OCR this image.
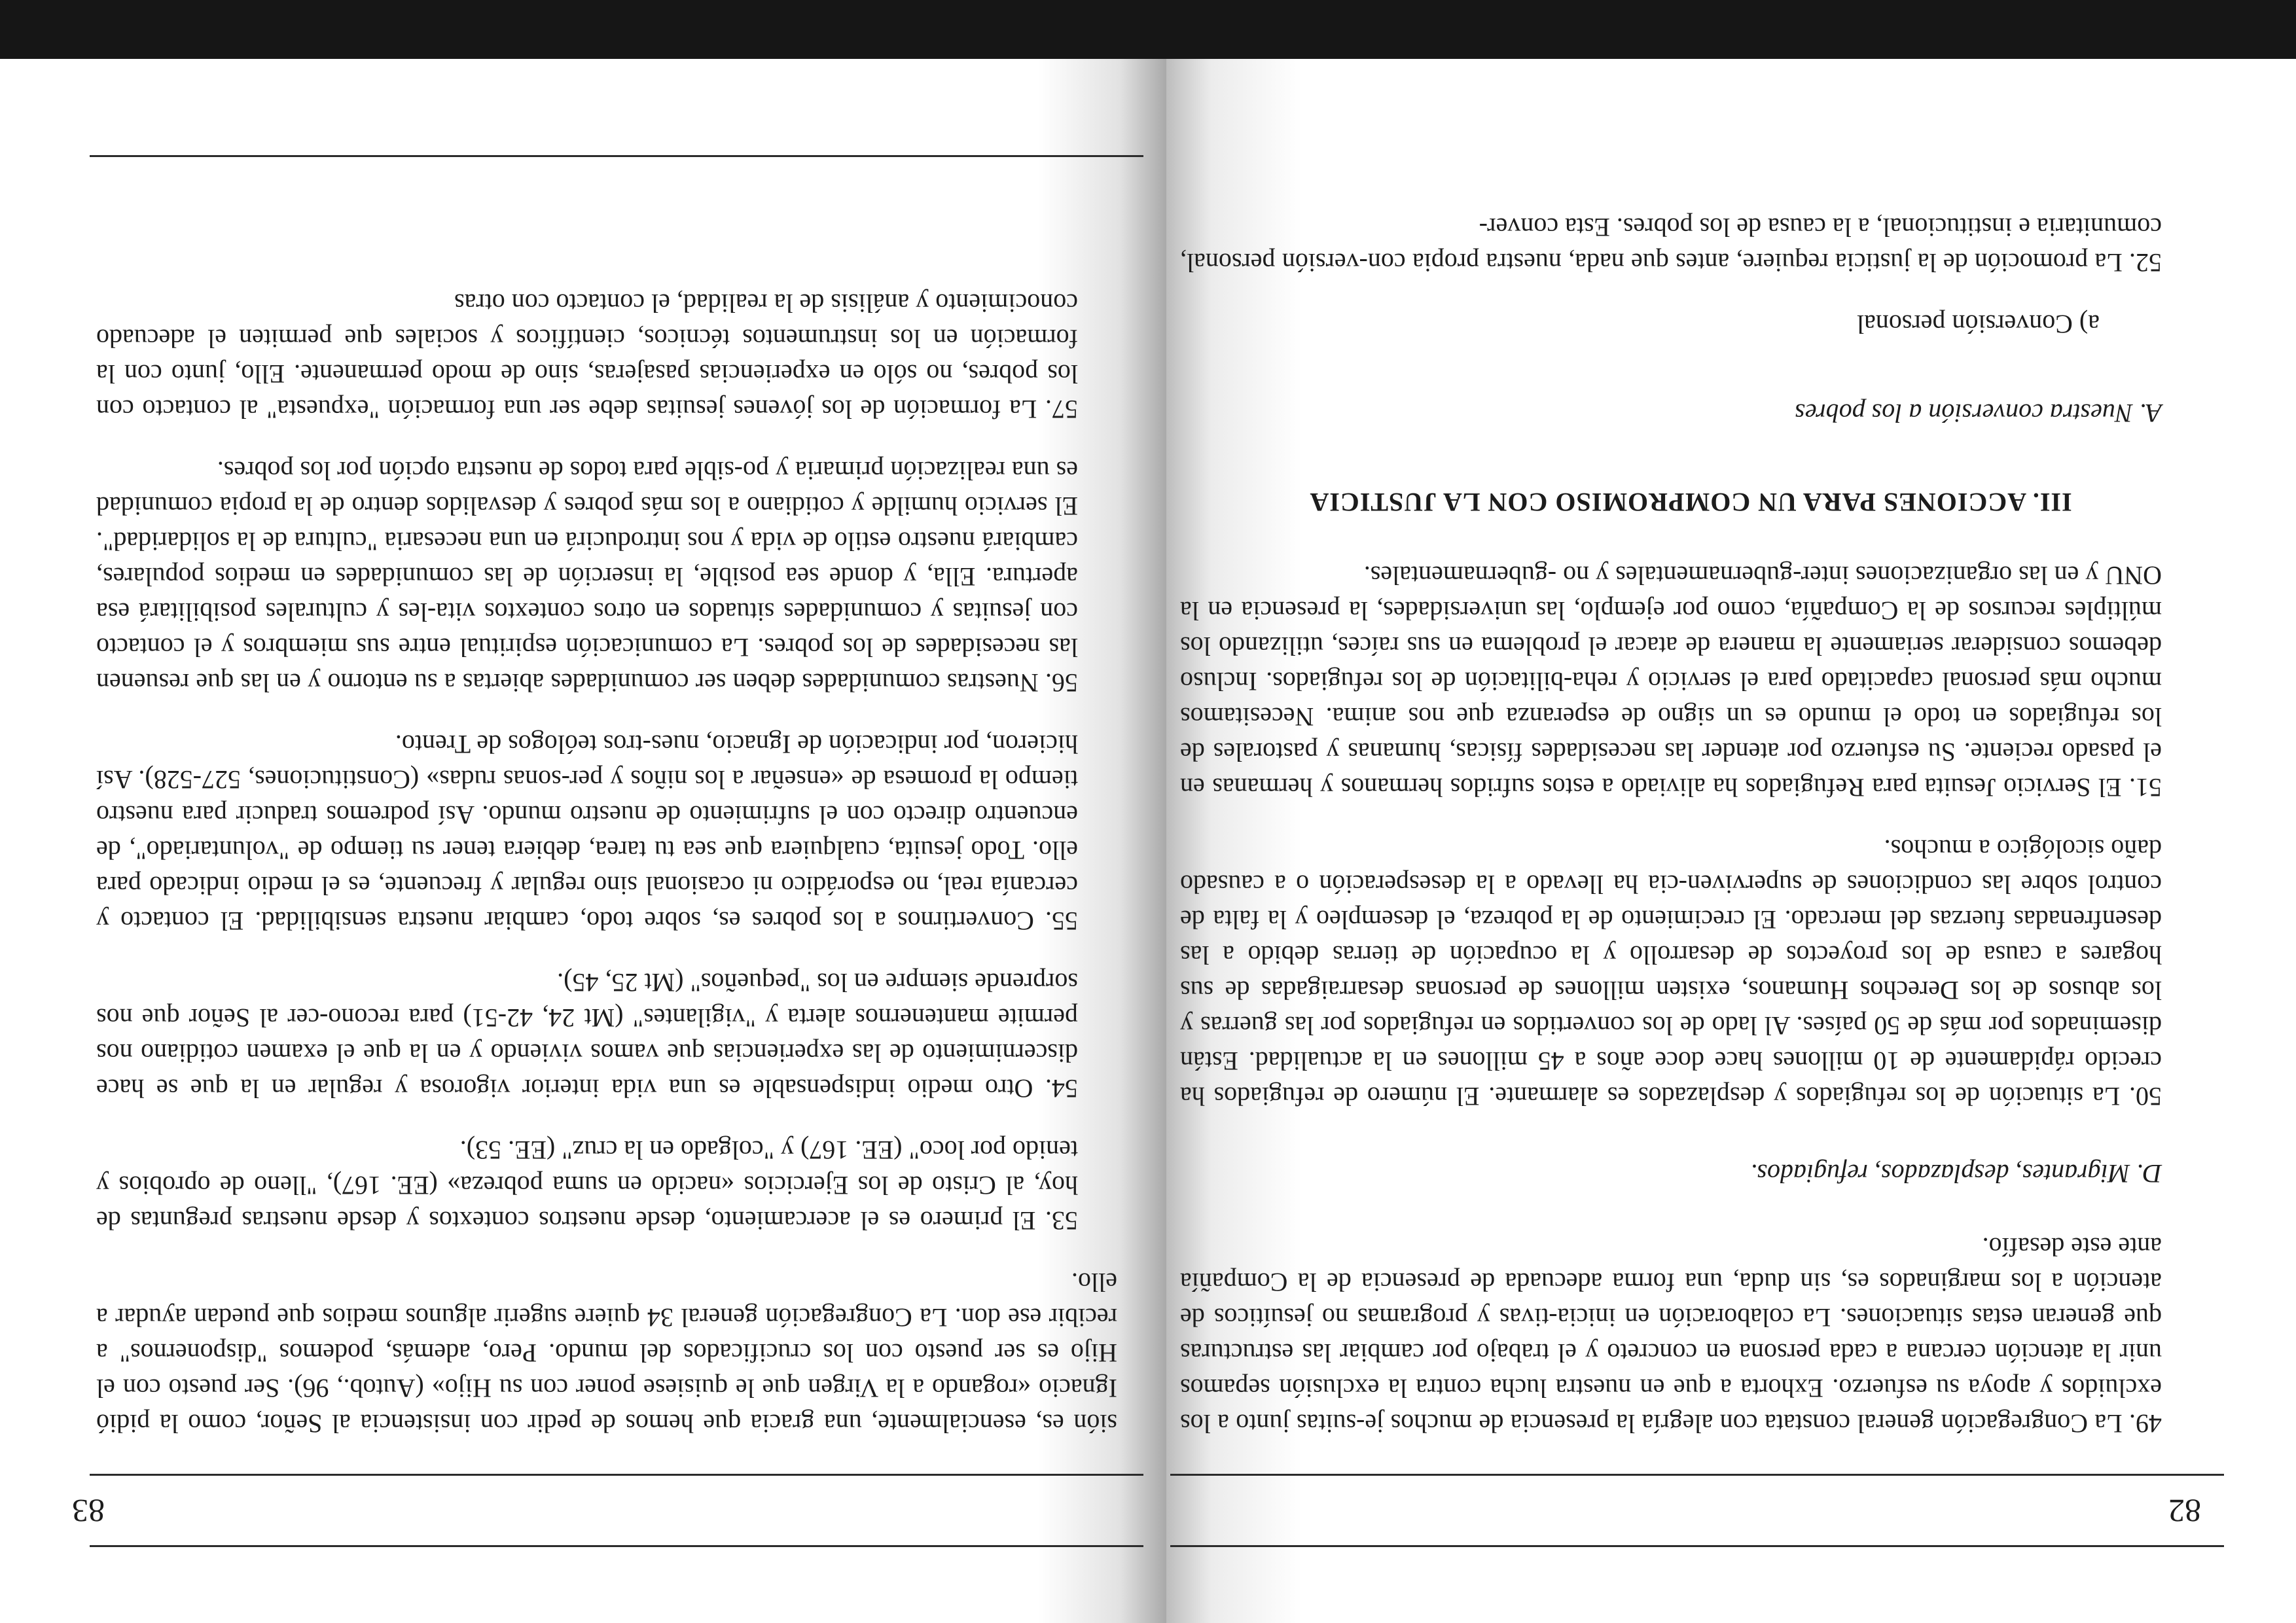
82

49. La Congregación general constata con alegría la presencia de muchos je-suitas junto a los excluidos y apoya su esfuerzo. Exhorta a que en nuestra lucha contra la exclusión sepamos unir la atención cercana a cada persona en concreto y el trabajo por cambiar las estructuras que generan estas situaciones. La colaboración en inicia-tivas y programas no jesuíticos de atención a los marginados es, sin duda, una forma adecuada de presencia de la Compañía ante este desafío.

D. Migrantes, desplazados, refugiados.

50. La situación de los refugiados y desplazados es alarmante. El número de refugiados ha crecido rápidamente de 10 millones hace doce años a 45 millones en la actualidad. Están diseminados por más de 50 países. Al lado de los convertidos en refugiados por las guerras y los abusos de los Derechos Humanos, existen millones de personas desarraigadas de sus hogares a causa de los proyectos de desarrollo y la ocupación de tierras debido a las desenfrenadas fuerzas del mercado. El crecimiento de la pobreza, el desempleo y la falta de control sobre las condiciones de superviven-cia ha llevado a la desesperación o a causado daño sicológico a muchos.

51. El Servicio Jesuita para Refugiados ha aliviado a estos sufridos hermanos y hermanas en el pasado reciente. Su esfuerzo por atender las necesidades físicas, humanas y pastorales de los refugiados en todo el mundo es un signo de esperanza que nos anima. Necesitamos mucho más personal capacitado para el servicio y reha-bilitación de los refugiados. Incluso debemos considerar seriamente la manera de atacar el problema en sus raíces, utilizando los múltiples recursos de la Compañía, como por ejemplo, las universidades, la presencia en la ONU y en las organizaciones inter-gubernamentales y no -gubernamentales.

III. ACCIONES PARA UN COMPROMISO CON LA JUSTICIA

A. Nuestra conversión a los pobres

a) Conversión personal

52. La promoción de la justicia requiere, antes que nada, nuestra propia con-versión personal, comunitaria e institucional, a la causa de los pobres. Esta conver-

83

sión es, esencialmente, una gracia que hemos de pedir con insistencia al Señor, como la pidió Ignacio «rogando a la Virgen que le quisiese poner con su Hijo» (Autob., 96). Ser puesto con el Hijo es ser puesto con los crucificados del mundo. Pero, además, podemos "disponernos" a recibir ese don. La Congregación general 34 quiere sugerir algunos medios que puedan ayudar a ello.

53. El primero es el acercamiento, desde nuestros contextos y desde nuestras preguntas de hoy, al Cristo de los Ejercicios «nacido en suma pobreza» (EE. 167), "lleno de oprobios y tenido por loco" (EE. 167) y "colgado en la cruz" (EE. 53).

54. Otro medio indispensable es una vida interior vigorosa y regular en la que se hace discernimiento de las experiencias que vamos viviendo y en la que el examen cotidiano nos permite mantenernos alerta y "vigilantes" (Mt 24, 42-51) para recono-cer al Señor que nos sorprende siempre en los "pequeños" (Mt 25, 45).

55. Convertirnos a los pobres es, sobre todo, cambiar nuestra sensibilidad. El contacto y cercanía real, no esporádico ni ocasional sino regular y frecuente, es el medio indicado para ello. Todo jesuita, cualquiera que sea tu tarea, debiera tener su tiempo de "voluntariado", de encuentro directo con el sufrimiento de nuestro mundo. Así podremos traducir para nuestro tiempo la promesa de «enseñar a los niños y per-sonas rudas» (Constituciones, 527-528). Así hicieron, por indicación de Ignacio, nues-tros teólogos de Trento.

56. Nuestras comunidades deben ser comunidades abiertas a su entorno y en las que resuenen las necesidades de los pobres. La comunicación espiritual entre sus miembros y el contacto con jesuitas y comunidades situados en otros contextos vita-les y culturales posibilitará esa apertura. Ella, y donde sea posible, la inserción de las comunidades en medios populares, cambiará nuestro estilo de vida y nos introducirá en una necesaria "cultura de la solidaridad". El servicio humilde y cotidiano a los más pobres y desvalidos dentro de la propia comunidad es una realización primaria y po-sible para todos de nuestra opción por los pobres.

57. La formación de los jóvenes jesuitas debe ser una formación "expuesta" al contacto con los pobres, no sólo en experiencias pasajeras, sino de modo permanente. Ello, junto con la formación en los instrumentos técnicos, científicos y sociales que permiten el adecuado conocimiento y análisis de la realidad, el contacto con otras
